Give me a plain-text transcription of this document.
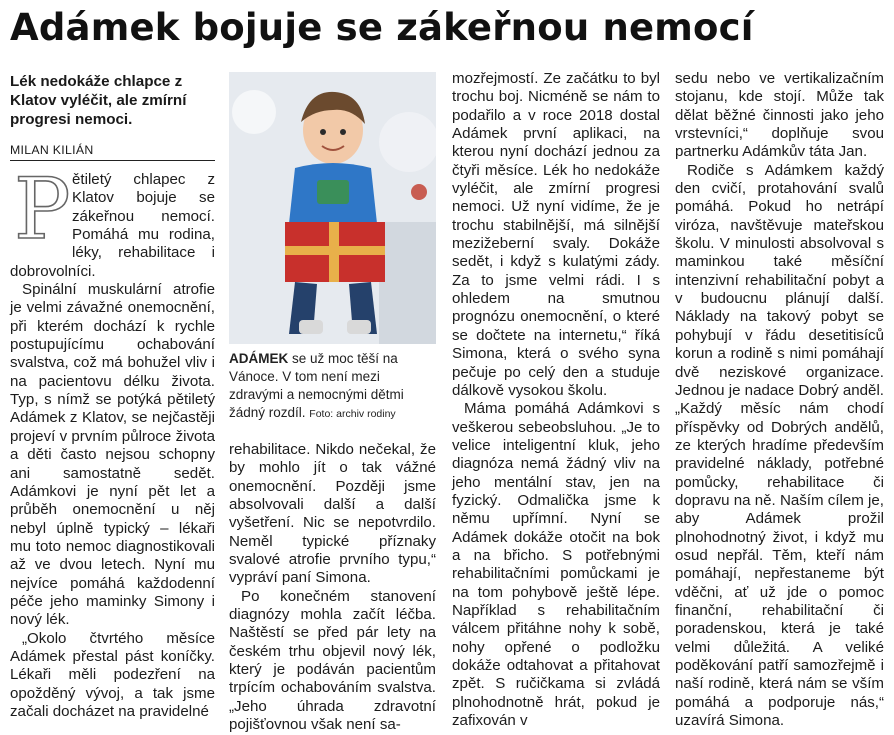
Adámek bojuje se zákeřnou nemocí
Lék nedokáže chlapce z Klatov vyléčit, ale zmírní progresi nemoci.
MILAN KILIÁN
P ětiletý chlapec z Klatov bojuje se zákeřnou nemocí. Pomáhá mu rodina, léky, rehabilitace i dobrovolníci.

Spinální muskulární atrofie je velmi závažné onemocnění, při kterém dochází k rychle postupujícímu ochabování svalstva, což má bohužel vliv i na pacientovu délku života. Typ, s nímž se potýká pětiletý Adámek z Klatov, se nejčastěji projeví v prvním půlroce života a děti často nejsou schopny ani samostatně sedět. Adámkovi je nyní pět let a průběh onemocnění u něj nebyl úplně typický – lékaři mu toto nemoc diagnostikovali až ve dvou letech. Nyní mu nejvíce pomáhá každodenní péče jeho maminky Simony i nový lék.

„Okolo čtvrtého měsíce Adámek přestal pást koníčky. Lékaři měli podezření na opožděný vývoj, a tak jsme začali docházet na pravidelné

ADÁMEK se už moc těší na Vánoce. V tom není mezi zdravými a nemocnými dětmi žádný rozdíl. Foto: archiv rodiny

rehabilitace. Nikdo nečekal, že by mohlo jít o tak vážné onemocnění. Později jsme absolvovali další a další vyšetření. Nic se nepotvrdilo. Neměl typické příznaky svalové atrofie prvního typu,“ vypráví paní Simona.

Po konečném stanovení diagnózy mohla začít léčba. Naštěstí se před pár lety na českém trhu objevil nový lék, který je podáván pacientům trpícím ochabováním svalstva. „Jeho úhrada zdravotní pojišťovnou však není sa-

mozřejmostí. Ze začátku to byl trochu boj. Nicméně se nám to podařilo a v roce 2018 dostal Adámek první aplikaci, na kterou nyní dochází jednou za čtyři měsíce. Lék ho nedokáže vyléčit, ale zmírní progresi nemoci. Už nyní vidíme, že je trochu stabilnější, má silnější mezižeberní svaly. Dokáže sedět, i když s kulatými zády. Za to jsme velmi rádi. I s ohledem na smutnou prognózu onemocnění, o které se dočtete na internetu,“ říká Simona, která o svého syna pečuje po celý den a studuje dálkově vysokou školu.

Máma pomáhá Adámkovi s veškerou sebeobsluhou. „Je to velice inteligentní kluk, jeho diagnóza nemá žádný vliv na jeho mentální stav, jen na fyzický. Odmalička jsme k němu upřímní. Nyní se Adámek dokáže otočit na bok a na břicho. S potřebnými rehabilitačními pomůckami je na tom pohybově ještě lépe. Například s rehabilitačním válcem přitáhne nohy k sobě, nohy opřené o podložku dokáže odtahovat a přitahovat zpět. S ručičkama si zvládá plnohodnotně hrát, pokud je zafixován v

sedu nebo ve vertikalizačním stojanu, kde stojí. Může tak dělat běžné činnosti jako jeho vrstevníci,“ doplňuje svou partnerku Adámkův táta Jan.

Rodiče s Adámkem každý den cvičí, protahování svalů pomáhá. Pokud ho netrápí viróza, navštěvuje mateřskou školu. V minulosti absolvoval s maminkou také měsíční intenzivní rehabilitační pobyt a v budoucnu plánují další. Náklady na takový pobyt se pohybují v řádu desetitisíců korun a rodině s nimi pomáhají dvě neziskové organizace. Jednou je nadace Dobrý anděl. „Každý měsíc nám chodí příspěvky od Dobrých andělů, ze kterých hradíme především pravidelné náklady, potřebné pomůcky, rehabilitace či dopravu na ně. Naším cílem je, aby Adámek prožil plnohodnotný život, i když mu osud nepřál. Těm, kteří nám pomáhají, nepřestaneme být vděčni, ať už jde o pomoc finanční, rehabilitační či poradenskou, která je také velmi důležitá. A veliké poděkování patří samozřejmě i naší rodině, která nám se vším pomáhá a podporuje nás,“ uzavírá Simona.
